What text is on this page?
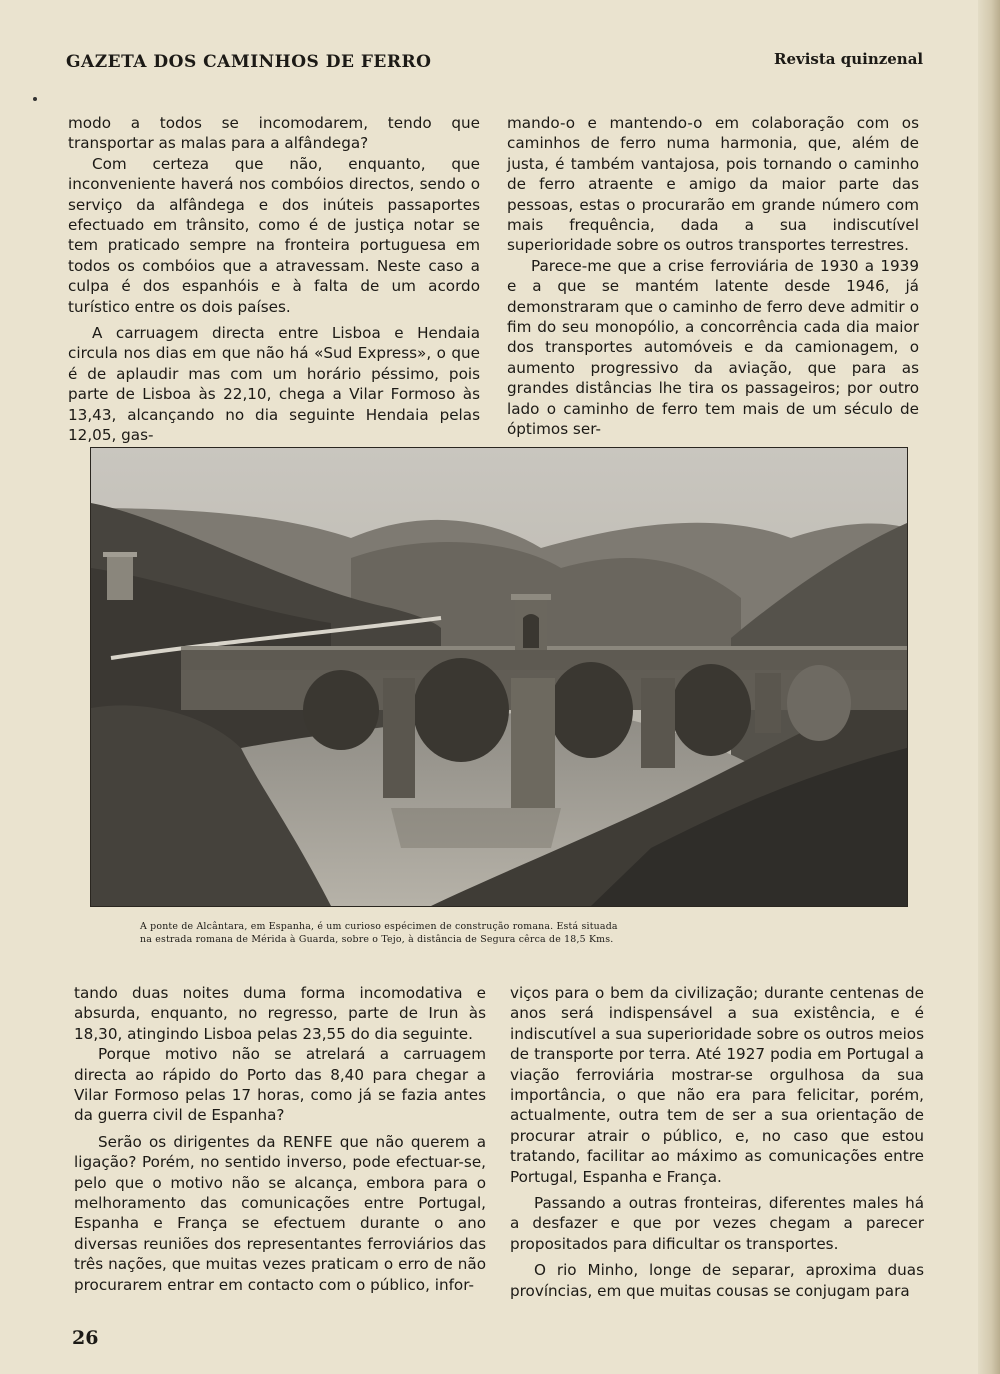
GAZETA DOS CAMINHOS DE FERRO	Revista quinzenal

modo a todos se incomodarem, tendo que transportar as malas para a alfândega?

Com certeza que não, enquanto, que inconveniente haverá nos combóios directos, sendo o serviço da alfândega e dos inúteis passaportes efectuado em trânsito, como é de justiça notar se tem praticado sempre na fronteira portuguesa em todos os combóios que a atravessam. Neste caso a culpa é dos espanhóis e à falta de um acordo turístico entre os dois países.

A carruagem directa entre Lisboa e Hendaia circula nos dias em que não há «Sud Express», o que é de aplaudir mas com um horário péssimo, pois parte de Lisboa às 22,10, chega a Vilar Formoso às 13,43, alcançando no dia seguinte Hendaia pelas 12,05, gas-

mando-o e mantendo-o em colaboração com os caminhos de ferro numa harmonia, que, além de justa, é também vantajosa, pois tornando o caminho de ferro atraente e amigo da maior parte das pessoas, estas o procurarão em grande número com mais frequência, dada a sua indiscutível superioridade sobre os outros transportes terrestres.

Parece-me que a crise ferroviária de 1930 a 1939 e a que se mantém latente desde 1946, já demonstraram que o caminho de ferro deve admitir o fim do seu monopólio, a concorrência cada dia maior dos transportes automóveis e da camionagem, o aumento progressivo da aviação, que para as grandes distâncias lhe tira os passageiros; por outro lado o caminho de ferro tem mais de um século de óptimos ser-

A ponte de Alcântara, em Espanha, é um curioso espécimen de construção romana. Está situada
na estrada romana de Mérida à Guarda, sobre o Tejo, à distância de Segura cêrca de 18,5 Kms.

tando duas noites duma forma incomodativa e absurda, enquanto, no regresso, parte de Irun às 18,30, atingindo Lisboa pelas 23,55 do dia seguinte.

Porque motivo não se atrelará a carruagem directa ao rápido do Porto das 8,40 para chegar a Vilar Formoso pelas 17 horas, como já se fazia antes da guerra civil de Espanha?

Serão os dirigentes da RENFE que não querem a ligação? Porém, no sentido inverso, pode efectuar-se, pelo que o motivo não se alcança, embora para o melhoramento das comunicações entre Portugal, Espanha e França se efectuem durante o ano diversas reuniões dos representantes ferroviários das três nações, que muitas vezes praticam o erro de não procurarem entrar em contacto com o público, infor-

viços para o bem da civilização; durante centenas de anos será indispensável a sua existência, e é indiscutível a sua superioridade sobre os outros meios de transporte por terra. Até 1927 podia em Portugal a viação ferroviária mostrar-se orgulhosa da sua importância, o que não era para felicitar, porém, actualmente, outra tem de ser a sua orientação de procurar atrair o público, e, no caso que estou tratando, facilitar ao máximo as comunicações entre Portugal, Espanha e França.

Passando a outras fronteiras, diferentes males há a desfazer e que por vezes chegam a parecer propositados para dificultar os transportes.

O rio Minho, longe de separar, aproxima duas províncias, em que muitas cousas se conjugam para

26
